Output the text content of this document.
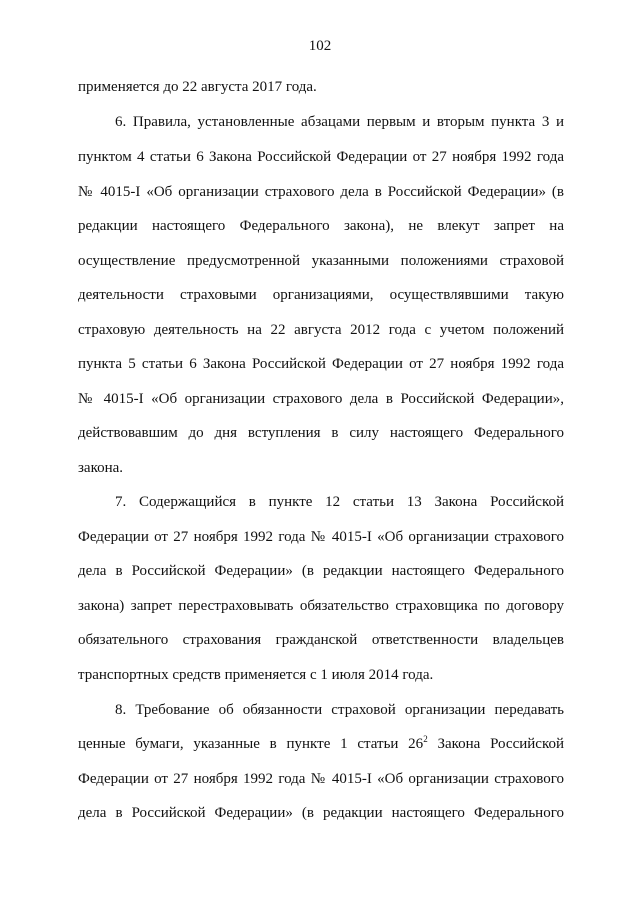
102
применяется до 22 августа 2017 года.
6. Правила, установленные абзацами первым и вторым пункта 3 и
пунктом 4 статьи 6 Закона Российской Федерации от 27 ноября 1992 года
№ 4015-I «Об организации страхового дела в Российской Федерации» (в
редакции настоящего Федерального закона), не влекут запрет на
осуществление предусмотренной указанными положениями страховой
деятельности страховыми организациями, осуществлявшими такую
страховую деятельность на 22 августа 2012 года с учетом положений
пункта 5 статьи 6 Закона Российской Федерации от 27 ноября 1992 года
№ 4015-I «Об организации страхового дела в Российской Федерации»,
действовавшим до дня вступления в силу настоящего Федерального
закона.
7. Содержащийся в пункте 12 статьи 13 Закона Российской
Федерации от 27 ноября 1992 года № 4015-I «Об организации страхового
дела в Российской Федерации» (в редакции настоящего Федерального
закона) запрет перестраховывать обязательство страховщика по договору
обязательного страхования гражданской ответственности владельцев
транспортных средств применяется с 1 июля 2014 года.
8. Требование об обязанности страховой организации передавать
ценные бумаги, указанные в пункте 1 статьи $26^2$ Закона Российской
Федерации от 27 ноября 1992 года № 4015-I «Об организации страхового
дела в Российской Федерации» (в редакции настоящего Федерального
